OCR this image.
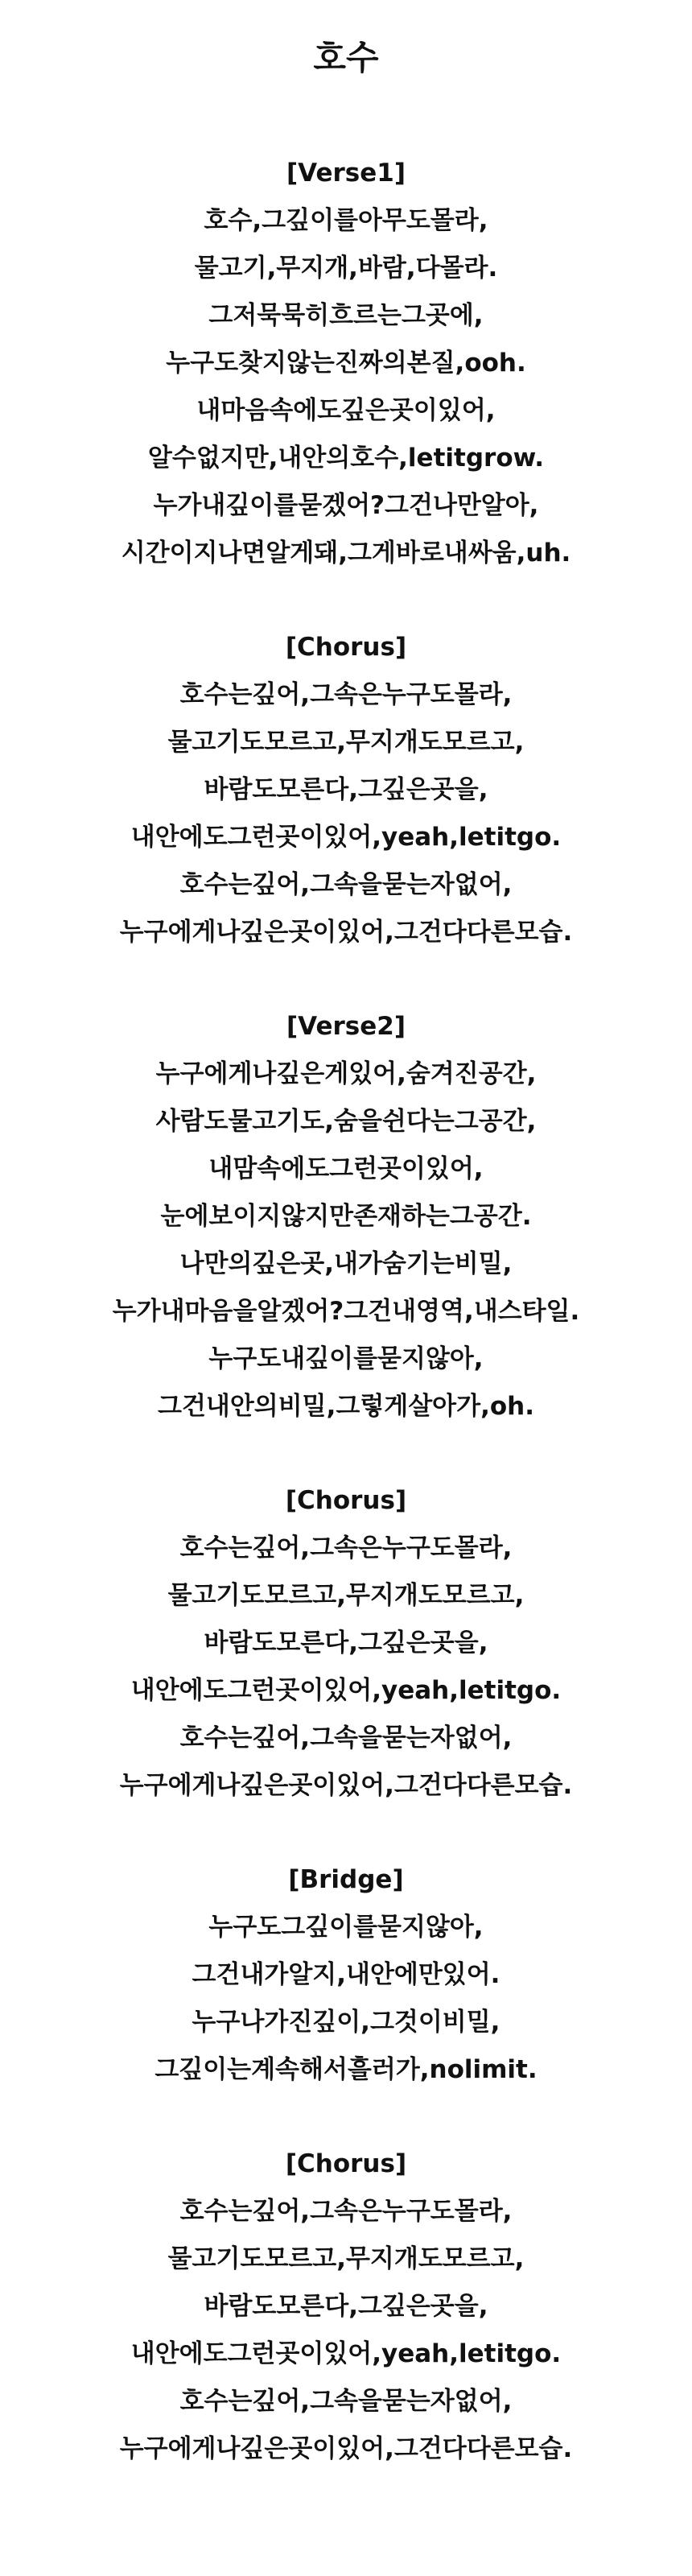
호수
[Verse1]
호수,그깊이를아무도몰라,
물고기,무지개,바람,다몰라.
그저묵묵히흐르는그곳에,
누구도찾지않는진짜의본질,ooh.
내마음속에도깊은곳이있어,
알수없지만,내안의호수,letitgrow.
누가내깊이를묻겠어?그건나만알아,
시간이지나면알게돼,그게바로내싸움,uh.
[Chorus]
호수는깊어,그속은누구도몰라,
물고기도모르고,무지개도모르고,
바람도모른다,그깊은곳을,
내안에도그런곳이있어,yeah,letitgo.
호수는깊어,그속을묻는자없어,
누구에게나깊은곳이있어,그건다다른모습.
[Verse2]
누구에게나깊은게있어,숨겨진공간,
사람도물고기도,숨을쉰다는그공간,
내맘속에도그런곳이있어,
눈에보이지않지만존재하는그공간.
나만의깊은곳,내가숨기는비밀,
누가내마음을알겠어?그건내영역,내스타일.
누구도내깊이를묻지않아,
그건내안의비밀,그렇게살아가,oh.
[Chorus]
호수는깊어,그속은누구도몰라,
물고기도모르고,무지개도모르고,
바람도모른다,그깊은곳을,
내안에도그런곳이있어,yeah,letitgo.
호수는깊어,그속을묻는자없어,
누구에게나깊은곳이있어,그건다다른모습.
[Bridge]
누구도그깊이를묻지않아,
그건내가알지,내안에만있어.
누구나가진깊이,그것이비밀,
그깊이는계속해서흘러가,nolimit.
[Chorus]
호수는깊어,그속은누구도몰라,
물고기도모르고,무지개도모르고,
바람도모른다,그깊은곳을,
내안에도그런곳이있어,yeah,letitgo.
호수는깊어,그속을묻는자없어,
누구에게나깊은곳이있어,그건다다른모습.
